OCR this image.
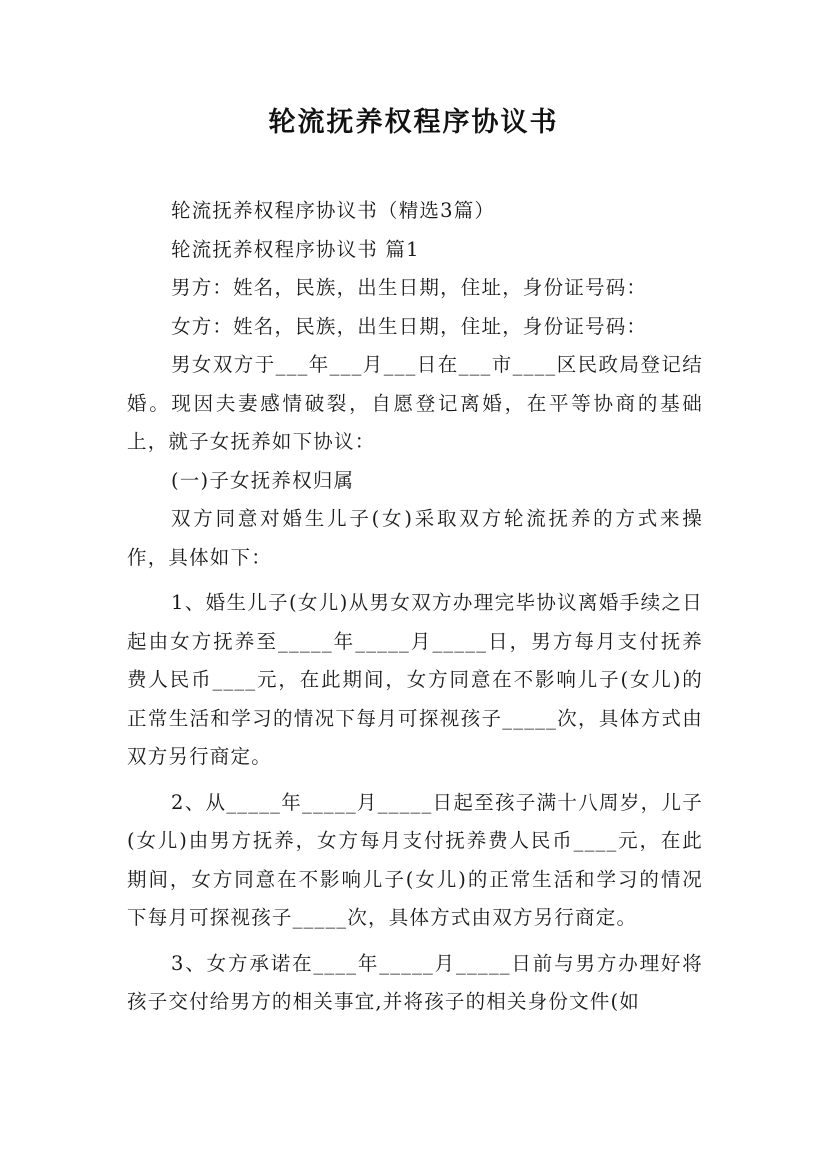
轮流抚养权程序协议书

轮流抚养权程序协议书（精选3篇）

轮流抚养权程序协议书 篇1

男方：姓名，民族，出生日期，住址，身份证号码：

女方：姓名，民族，出生日期，住址，身份证号码：

男女双方于___年___月___日在___市____区民政局登记结婚。现因夫妻感情破裂，自愿登记离婚，在平等协商的基础上，就子女抚养如下协议：

(一)子女抚养权归属

双方同意对婚生儿子(女)采取双方轮流抚养的方式来操作，具体如下：

1、婚生儿子(女儿)从男女双方办理完毕协议离婚手续之日起由女方抚养至_____年_____月_____日，男方每月支付抚养费人民币____元，在此期间，女方同意在不影响儿子(女儿)的正常生活和学习的情况下每月可探视孩子_____次，具体方式由双方另行商定。

2、从_____年_____月_____日起至孩子满十八周岁，儿子(女儿)由男方抚养，女方每月支付抚养费人民币____元，在此期间，女方同意在不影响儿子(女儿)的正常生活和学习的情况下每月可探视孩子_____次，具体方式由双方另行商定。

3、女方承诺在____年_____月_____日前与男方办理好将孩子交付给男方的相关事宜,并将孩子的相关身份文件(如
